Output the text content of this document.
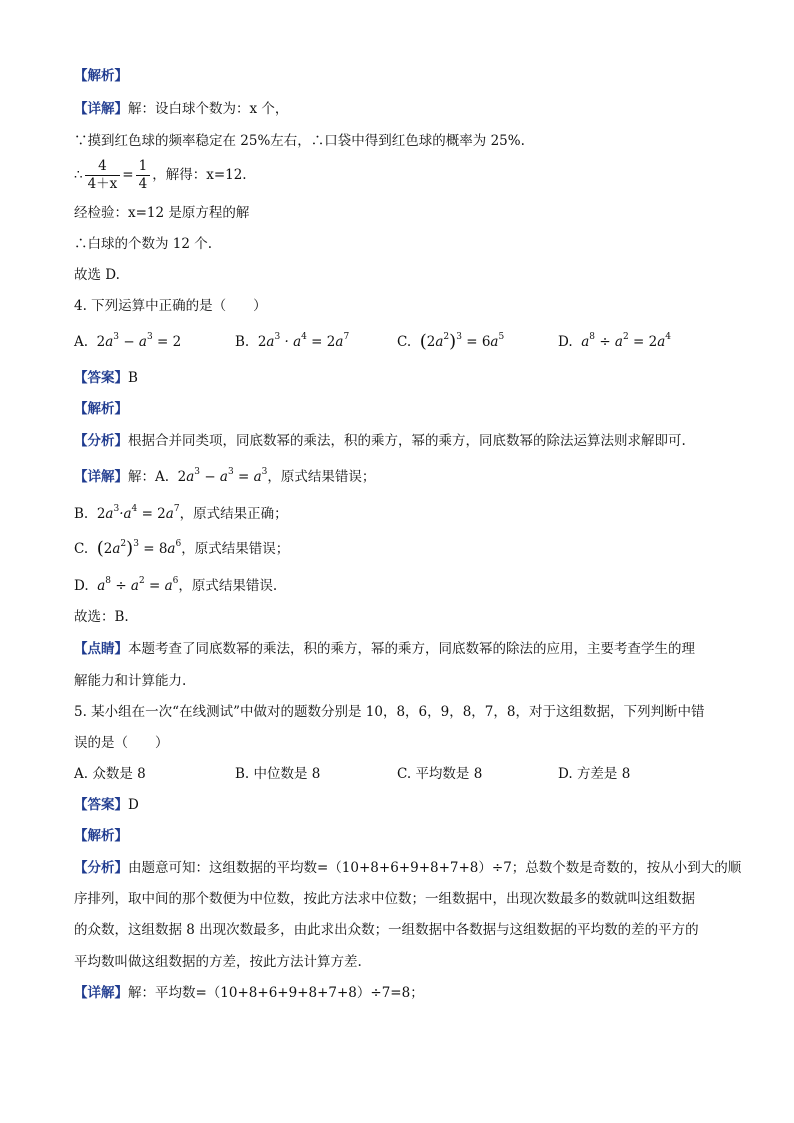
【解析】
【详解】解：设白球个数为：x 个，
∵摸到红色球的频率稳定在 25%左右，∴口袋中得到红色球的概率为 25%.
∴ $\frac{4}{4+x} = \frac{1}{4}$ ，解得：x=12.
经检验：x=12 是原方程的解
∴白球的个数为 12 个.
故选 D.
4. 下列运算中正确的是（　　）
A. $2a^3 - a^3 = 2$	B. $2a^3 \cdot a^4 = 2a^7$	C. $(2a^2)^3 = 6a^5$	D.  $a^8 \div a^2 = 2a^4$
【答案】B
【解析】
【分析】根据合并同类项，同底数幂的乘法，积的乘方，幂的乘方，同底数幂的除法运算法则求解即可.
【详解】解：A. $2a^3 - a^3 = a^3$，原式结果错误；
B. $2a^3\cdot a^4 = 2a^7$，原式结果正确；
C. $(2a^2)^3 = 8a^6$，原式结果错误；
D.  $a^8 \div a^2 = a^6$，原式结果错误.
故选：B.
【点睛】本题考查了同底数幂的乘法，积的乘方，幂的乘方，同底数幂的除法的应用，主要考查学生的理
解能力和计算能力.
5. 某小组在一次“在线测试”中做对的题数分别是 10，8，6，9，8，7，8，对于这组数据，下列判断中错
误的是（　　）
A. 众数是 8	B. 中位数是 8	C. 平均数是 8	D. 方差是 8
【答案】D
【解析】
【分析】由题意可知：这组数据的平均数=（10+8+6+9+8+7+8）÷7；总数个数是奇数的，按从小到大的顺
序排列，取中间的那个数便为中位数，按此方法求中位数；一组数据中，出现次数最多的数就叫这组数据
的众数，这组数据 8 出现次数最多，由此求出众数；一组数据中各数据与这组数据的平均数的差的平方的
平均数叫做这组数据的方差，按此方法计算方差.
【详解】解：平均数=（10+8+6+9+8+7+8）÷7=8；
